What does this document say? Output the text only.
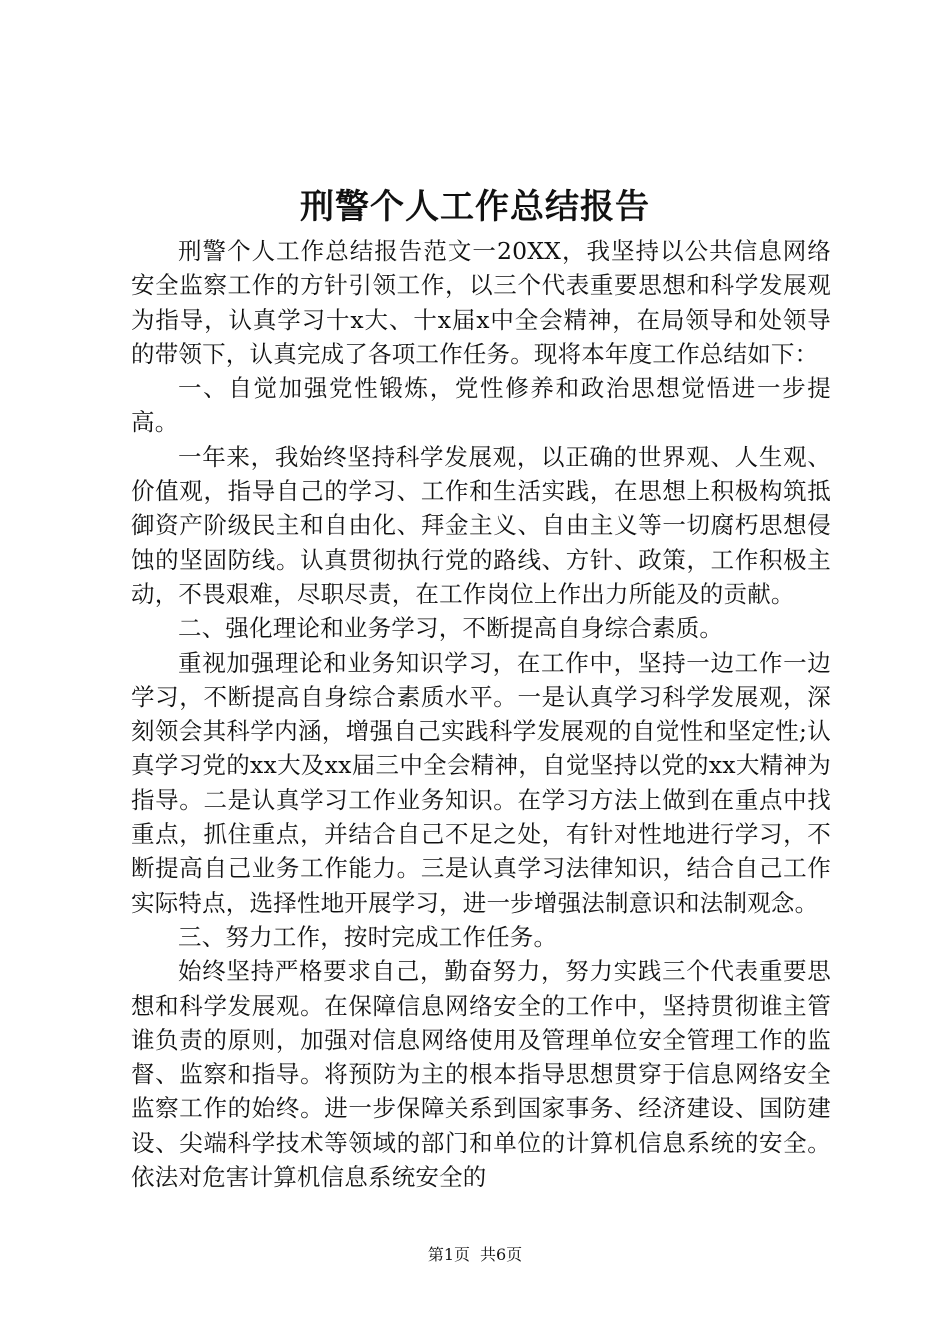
刑警个人工作总结报告

刑警个人工作总结报告范文一20XX，我坚持以公共信息网络安全监察工作的方针引领工作，以三个代表重要思想和科学发展观为指导，认真学习十x大、十x届x中全会精神，在局领导和处领导的带领下，认真完成了各项工作任务。现将本年度工作总结如下：

一、自觉加强党性锻炼，党性修养和政治思想觉悟进一步提高。

一年来，我始终坚持科学发展观，以正确的世界观、人生观、价值观，指导自己的学习、工作和生活实践，在思想上积极构筑抵御资产阶级民主和自由化、拜金主义、自由主义等一切腐朽思想侵蚀的坚固防线。认真贯彻执行党的路线、方针、政策，工作积极主动，不畏艰难，尽职尽责，在工作岗位上作出力所能及的贡献。

二、强化理论和业务学习，不断提高自身综合素质。

重视加强理论和业务知识学习，在工作中，坚持一边工作一边学习，不断提高自身综合素质水平。一是认真学习科学发展观，深刻领会其科学内涵，增强自己实践科学发展观的自觉性和坚定性;认真学习党的xx大及xx届三中全会精神，自觉坚持以党的xx大精神为指导。二是认真学习工作业务知识。在学习方法上做到在重点中找重点，抓住重点，并结合自己不足之处，有针对性地进行学习，不断提高自己业务工作能力。三是认真学习法律知识，结合自己工作实际特点，选择性地开展学习，进一步增强法制意识和法制观念。

三、努力工作，按时完成工作任务。

始终坚持严格要求自己，勤奋努力，努力实践三个代表重要思想和科学发展观。在保障信息网络安全的工作中，坚持贯彻谁主管谁负责的原则，加强对信息网络使用及管理单位安全管理工作的监督、监察和指导。将预防为主的根本指导思想贯穿于信息网络安全监察工作的始终。进一步保障关系到国家事务、经济建设、国防建设、尖端科学技术等领域的部门和单位的计算机信息系统的安全。依法对危害计算机信息系统安全的

第1页 共6页
